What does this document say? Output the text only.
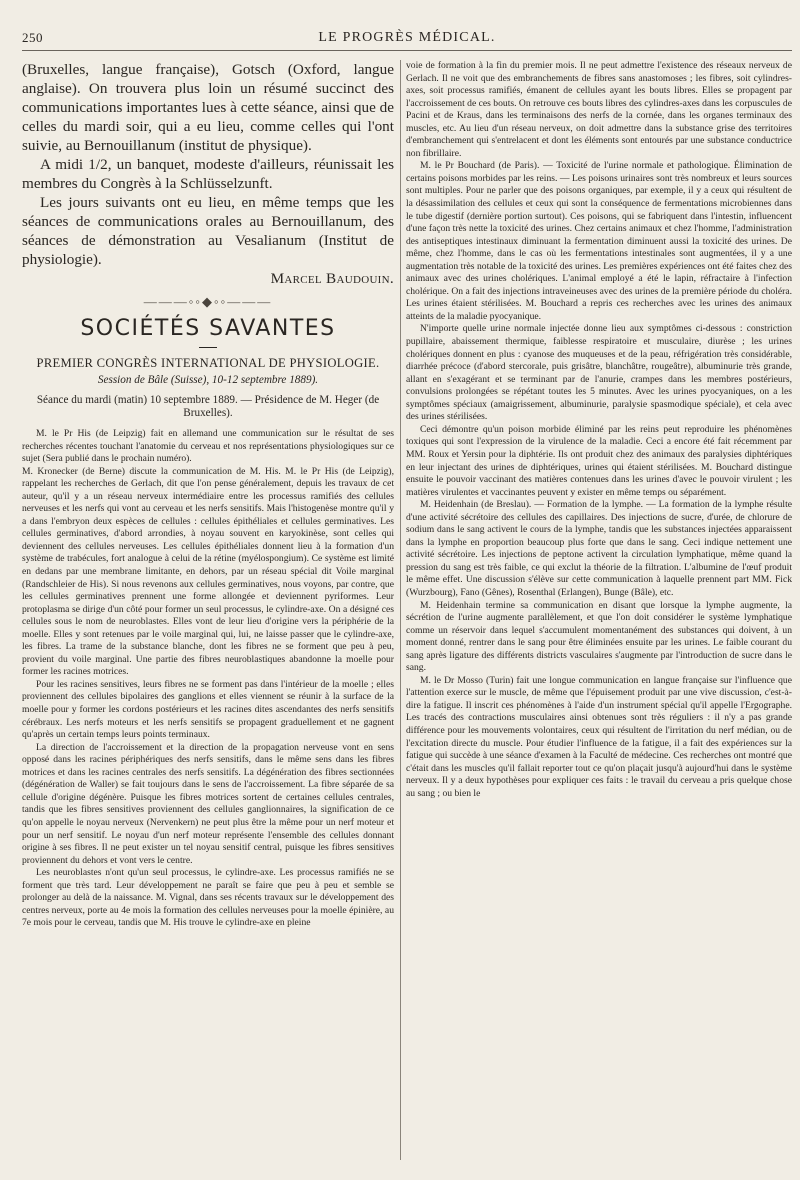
250	LE PROGRÈS MÉDICAL.

(Bruxelles, langue française), Gotsch (Oxford, langue anglaise). On trouvera plus loin un résumé succinct des communications importantes lues à cette séance, ainsi que de celles du mardi soir, qui a eu lieu, comme celles qui l'ont suivie, au Bernouillanum (institut de physique).

A midi 1/2, un banquet, modeste d'ailleurs, réunissait les membres du Congrès à la Schlüsselzunft.

Les jours suivants ont eu lieu, en même temps que les séances de communications orales au Bernouillanum, des séances de démonstration au Vesalianum (Institut de physiologie).

Marcel Baudouin.
———◦◦◆◦◦———
SOCIÉTÉS SAVANTES

PREMIER CONGRÈS INTERNATIONAL DE PHYSIOLOGIE.

Session de Bâle (Suisse), 10-12 septembre 1889).

Séance du mardi (matin) 10 septembre 1889. — Présidence de M. Heger (de Bruxelles).

M. le Pr His (de Leipzig) fait en allemand une communication sur le résultat de ses recherches récentes touchant l'anatomie du cerveau et nos représentations physiologiques sur ce sujet (Sera publié dans le prochain numéro).

M. Kronecker (de Berne) discute la communication de M. His. M. le Pr His (de Leipzig), rappelant les recherches de Gerlach, dit que l'on pense généralement, depuis les travaux de cet auteur, qu'il y a un réseau nerveux intermédiaire entre les processus ramifiés des cellules nerveuses et les nerfs qui vont au cerveau et les nerfs sensitifs. Mais l'histogenèse montre qu'il y a dans l'embryon deux espèces de cellules : cellules épithéliales et cellules germinatives. Les cellules germinatives, d'abord arrondies, à noyau souvent en karyokinèse, sont celles qui deviennent des cellules nerveuses. Les cellules épithéliales donnent lieu à la formation d'un système de trabécules, fort analogue à celui de la rétine (myélospongium). Ce système est limité en dedans par une membrane limitante, en dehors, par un réseau spécial dit Voile marginal (Randschleier de His). Si nous revenons aux cellules germinatives, nous voyons, par contre, que les cellules germinatives prennent une forme allongée et deviennent pyriformes. Leur protoplasma se dirige d'un côté pour former un seul processus, le cylindre-axe. On a désigné ces cellules sous le nom de neuroblastes. Elles vont de leur lieu d'origine vers la périphérie de la moelle. Elles y sont retenues par le voile marginal qui, lui, ne laisse passer que le cylindre-axe, les fibres. La trame de la substance blanche, dont les fibres ne se forment que peu à peu, provient du voile marginal. Une partie des fibres neuroblastiques abandonne la moelle pour former les racines motrices.

Pour les racines sensitives, leurs fibres ne se forment pas dans l'intérieur de la moelle ; elles proviennent des cellules bipolaires des ganglions et elles viennent se réunir à la surface de la moelle pour y former les cordons postérieurs et les racines dites ascendantes des nerfs sensitifs cérébraux. Les nerfs moteurs et les nerfs sensitifs se propagent graduellement et ne gagnent qu'après un certain temps leurs points terminaux.

La direction de l'accroissement et la direction de la propagation nerveuse vont en sens opposé dans les racines périphériques des nerfs sensitifs, dans le même sens dans les fibres motrices et dans les racines centrales des nerfs sensitifs. La dégénération des fibres sectionnées (dégénération de Waller) se fait toujours dans le sens de l'accroissement. La fibre séparée de sa cellule d'origine dégénère. Puisque les fibres motrices sortent de certaines cellules centrales, tandis que les fibres sensitives proviennent des cellules ganglionnaires, la signification de ce qu'on appelle le noyau nerveux (Nervenkern) ne peut plus être la même pour un nerf moteur et pour un nerf sensitif. Le noyau d'un nerf moteur représente l'ensemble des cellules donnant origine à ses fibres. Il ne peut exister un tel noyau sensitif central, puisque les fibres sensitives proviennent du dehors et vont vers le centre.

Les neuroblastes n'ont qu'un seul processus, le cylindre-axe. Les processus ramifiés ne se forment que très tard. Leur développement ne paraît se faire que peu à peu et semble se prolonger au delà de la naissance. M. Vignal, dans ses récents travaux sur le développement des centres nerveux, porte au 4e mois la formation des cellules nerveuses pour la moelle épinière, au 7e mois pour le cerveau, tandis que M. His trouve le cylindre-axe en pleine

voie de formation à la fin du premier mois. Il ne peut admettre l'existence des réseaux nerveux de Gerlach. Il ne voit que des embranchements de fibres sans anastomoses ; les fibres, soit cylindres-axes, soit processus ramifiés, émanent de cellules ayant les bouts libres. Elles se propagent par l'accroissement de ces bouts. On retrouve ces bouts libres des cylindres-axes dans les corpuscules de Pacini et de Kraus, dans les terminaisons des nerfs de la cornée, dans les organes terminaux des muscles, etc. Au lieu d'un réseau nerveux, on doit admettre dans la substance grise des territoires d'embranchement qui s'entrelacent et dont les éléments sont entourés par une substance conductrice non fibrillaire.

M. le Pr Bouchard (de Paris). — Toxicité de l'urine normale et pathologique. Élimination de certains poisons morbides par les reins. — Les poisons urinaires sont très nombreux et leurs sources sont multiples. Pour ne parler que des poisons organiques, par exemple, il y a ceux qui résultent de la désassimilation des cellules et ceux qui sont la conséquence de fermentations microbiennes dans le tube digestif (dernière portion surtout). Ces poisons, qui se fabriquent dans l'intestin, influencent d'une façon très nette la toxicité des urines. Chez certains animaux et chez l'homme, l'administration des antiseptiques intestinaux diminuant la fermentation diminuent aussi la toxicité des urines. De même, chez l'homme, dans le cas où les fermentations intestinales sont augmentées, il y a une augmentation très notable de la toxicité des urines. Les premières expériences ont été faites chez des animaux avec des urines cholériques. L'animal employé a été le lapin, réfractaire à l'infection cholérique. On a fait des injections intraveineuses avec des urines de la première période du choléra. Les urines étaient stérilisées. M. Bouchard a repris ces recherches avec les urines des animaux atteints de la maladie pyocyanique.

N'importe quelle urine normale injectée donne lieu aux symptômes ci-dessous : constriction pupillaire, abaissement thermique, faiblesse respiratoire et musculaire, diurèse ; les urines cholériques donnent en plus : cyanose des muqueuses et de la peau, réfrigération très considérable, diarrhée précoce (d'abord stercorale, puis grisâtre, blanchâtre, rougeâtre), albuminurie très grande, allant en s'exagérant et se terminant par de l'anurie, crampes dans les membres postérieurs, convulsions prolongées se répétant toutes les 5 minutes. Avec les urines pyocyaniques, on a les symptômes spéciaux (amaigrissement, albuminurie, paralysie spasmodique spéciale), et cela avec des urines stérilisées.

Ceci démontre qu'un poison morbide éliminé par les reins peut reproduire les phénomènes toxiques qui sont l'expression de la virulence de la maladie. Ceci a encore été fait récemment par MM. Roux et Yersin pour la diphtérie. Ils ont produit chez des animaux des paralysies diphtériques en leur injectant des urines de diphtériques, urines qui étaient stérilisées. M. Bouchard distingue ensuite le pouvoir vaccinant des matières contenues dans les urines d'avec le pouvoir virulent ; les matières virulentes et vaccinantes peuvent y exister en même temps ou séparément.

M. Heidenhain (de Breslau). — Formation de la lymphe. — La formation de la lymphe résulte d'une activité sécrétoire des cellules des capillaires. Des injections de sucre, d'urée, de chlorure de sodium dans le sang activent le cours de la lymphe, tandis que les substances injectées apparaissent dans la lymphe en proportion beaucoup plus forte que dans le sang. Ceci indique nettement une activité sécrétoire. Les injections de peptone activent la circulation lymphatique, même quand la pression du sang est très faible, ce qui exclut la théorie de la filtration. L'albumine de l'œuf produit le même effet. Une discussion s'élève sur cette communication à laquelle prennent part MM. Fick (Wurzbourg), Fano (Gênes), Rosenthal (Erlangen), Bunge (Bâle), etc.

M. Heidenhain termine sa communication en disant que lorsque la lymphe augmente, la sécrétion de l'urine augmente parallèlement, et que l'on doit considérer le système lymphatique comme un réservoir dans lequel s'accumulent momentanément des substances qui doivent, à un moment donné, rentrer dans le sang pour être éliminées ensuite par les urines. Le faible courant du sang après ligature des différents districts vasculaires s'augmente par l'introduction de sucre dans le sang.

M. le Dr Mosso (Turin) fait une longue communication en langue française sur l'influence que l'attention exerce sur le muscle, de même que l'épuisement produit par une vive discussion, c'est-à-dire la fatigue. Il inscrit ces phénomènes à l'aide d'un instrument spécial qu'il appelle l'Ergographe. Les tracés des contractions musculaires ainsi obtenues sont très réguliers : il n'y a pas grande différence pour les mouvements volontaires, ceux qui résultent de l'irritation du nerf médian, ou de l'excitation directe du muscle. Pour étudier l'influence de la fatigue, il a fait des expériences sur la fatigue qui succède à une séance d'examen à la Faculté de médecine. Ces recherches ont montré que c'était dans les muscles qu'il fallait reporter tout ce qu'on plaçait jusqu'à aujourd'hui dans le système nerveux. Il y a deux hypothèses pour expliquer ces faits : le travail du cerveau a pris quelque chose au sang ; ou bien le
